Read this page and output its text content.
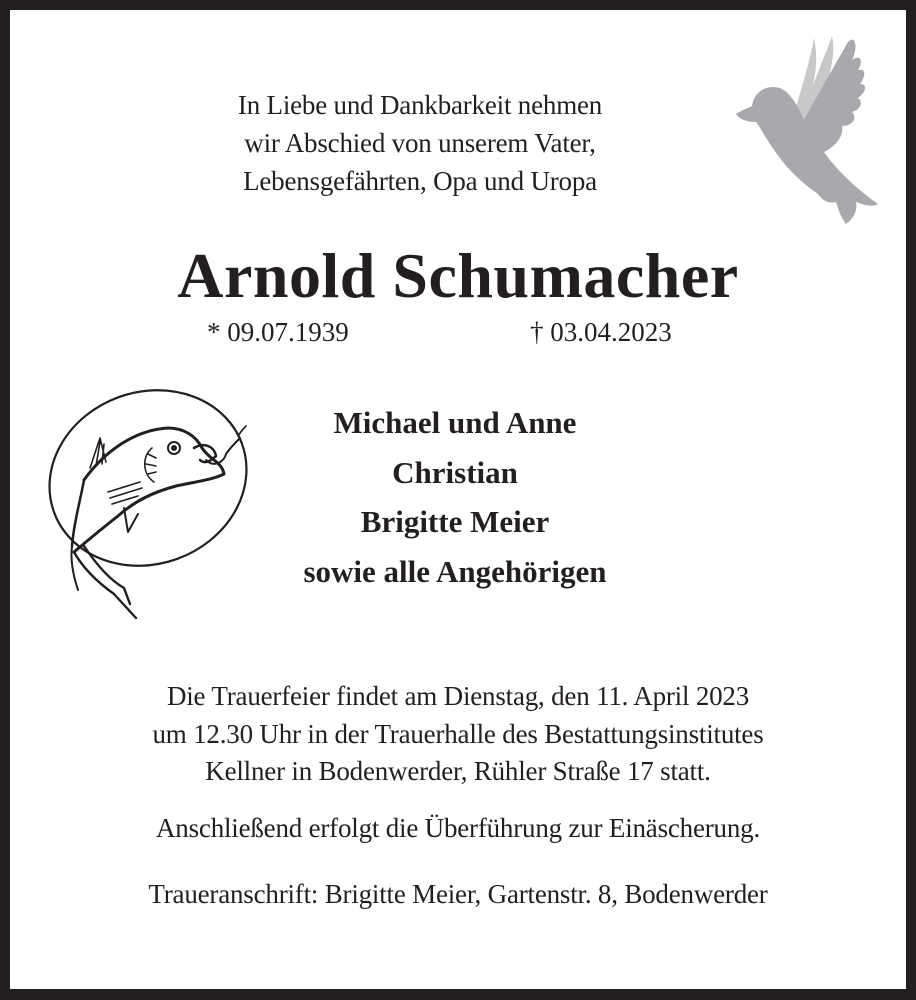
In Liebe und Dankbarkeit nehmen
wir Abschied von unserem Vater,
Lebensgefährten, Opa und Uropa
Arnold Schumacher
* 09.07.1939	† 03.04.2023
Michael und Anne
Christian
Brigitte Meier
sowie alle Angehörigen
Die Trauerfeier findet am Dienstag, den 11. April 2023
um 12.30 Uhr in der Trauerhalle des Bestattungsinstitutes
Kellner in Bodenwerder, Rühler Straße 17 statt.
Anschließend erfolgt die Überführung zur Einäscherung.
Traueranschrift: Brigitte Meier, Gartenstr. 8, Bodenwerder
